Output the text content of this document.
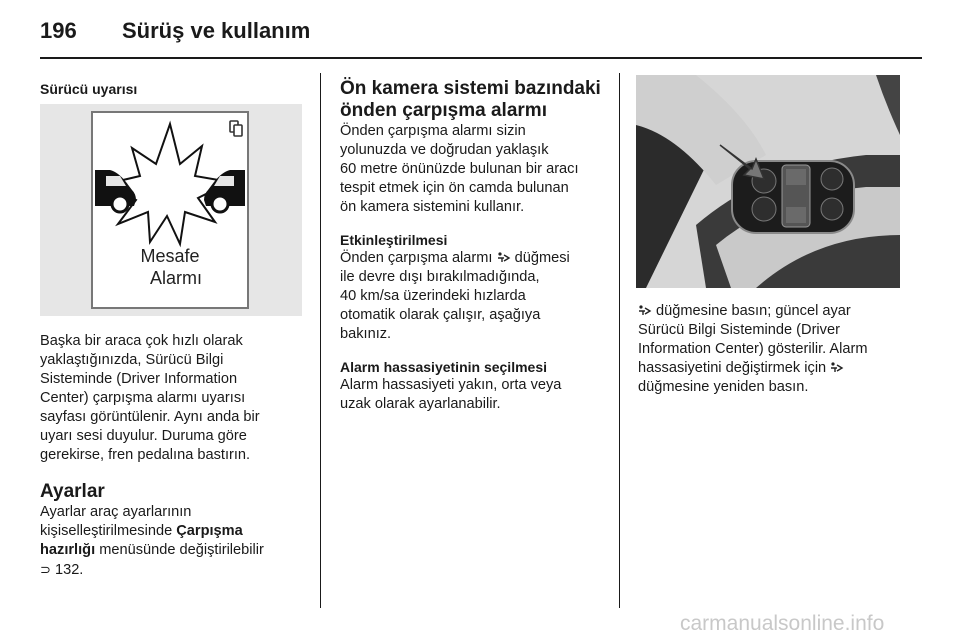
196 Sürüş ve kullanım

Sürücü uyarısı

Mesafe
Alarmı

Başka bir araca çok hızlı olarak
yaklaştığınızda, Sürücü Bilgi
Sisteminde (Driver Information
Center) çarpışma alarmı uyarısı
sayfası görüntülenir. Aynı anda bir
uyarı sesi duyulur. Duruma göre
gerekirse, fren pedalına bastırın.

Ayarlar

Ayarlar araç ayarlarının
kişiselleştirilmesinde Çarpışma
hazırlığı menüsünde değiştirilebilir
⊃ 132.

Ön kamera sistemi bazındaki
önden çarpışma alarmı

Önden çarpışma alarmı sizin
yolunuzda ve doğrudan yaklaşık
60 metre önünüzde bulunan bir aracı
tespit etmek için ön camda bulunan
ön kamera sistemini kullanır.

Etkinleştirilmesi

Önden çarpışma alarmı  düğmesi
ile devre dışı bırakılmadığında,
40 km/sa üzerindeki hızlarda
otomatik olarak çalışır, aşağıya
bakınız.

Alarm hassasiyetinin seçilmesi

Alarm hassasiyeti yakın, orta veya
uzak olarak ayarlanabilir.

düğmesine basın; güncel ayar
Sürücü Bilgi Sisteminde (Driver
Information Center) gösterilir. Alarm
hassasiyetini değiştirmek için
düğmesine yeniden basın.

carmanualsonline.info
